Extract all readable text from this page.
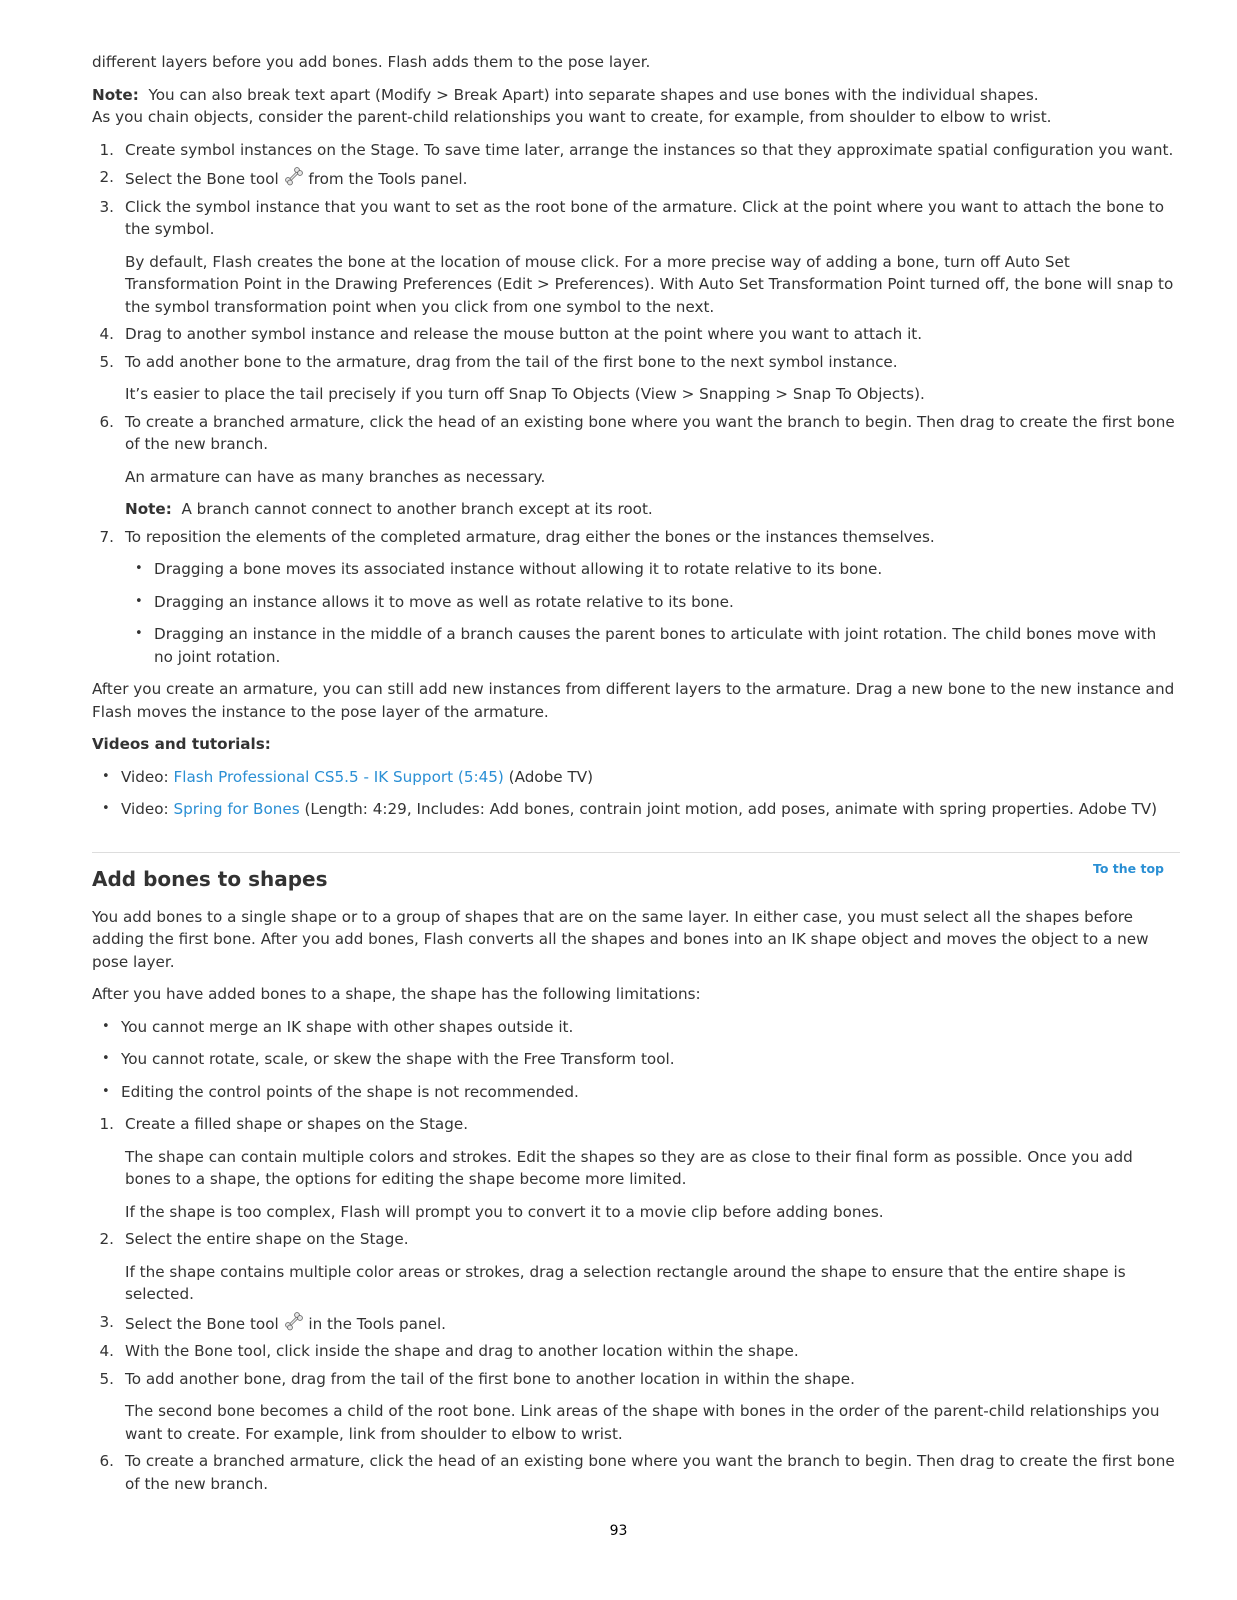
different layers before you add bones. Flash adds them to the pose layer.

Note: You can also break text apart (Modify > Break Apart) into separate shapes and use bones with the individual shapes.

As you chain objects, consider the parent-child relationships you want to create, for example, from shoulder to elbow to wrist.

1. Create symbol instances on the Stage. To save time later, arrange the instances so that they approximate spatial configuration you want.
2. Select the Bone tool from the Tools panel.
3. Click the symbol instance that you want to set as the root bone of the armature. Click at the point where you want to attach the bone to the symbol.

By default, Flash creates the bone at the location of mouse click. For a more precise way of adding a bone, turn off Auto Set Transformation Point in the Drawing Preferences (Edit > Preferences). With Auto Set Transformation Point turned off, the bone will snap to the symbol transformation point when you click from one symbol to the next.

4. Drag to another symbol instance and release the mouse button at the point where you want to attach it.
5. To add another bone to the armature, drag from the tail of the first bone to the next symbol instance.

It’s easier to place the tail precisely if you turn off Snap To Objects (View > Snapping > Snap To Objects).

6. To create a branched armature, click the head of an existing bone where you want the branch to begin. Then drag to create the first bone of the new branch.

An armature can have as many branches as necessary.

Note: A branch cannot connect to another branch except at its root.

7. To reposition the elements of the completed armature, drag either the bones or the instances themselves.
• Dragging a bone moves its associated instance without allowing it to rotate relative to its bone.
• Dragging an instance allows it to move as well as rotate relative to its bone.
• Dragging an instance in the middle of a branch causes the parent bones to articulate with joint rotation. The child bones move with no joint rotation.

After you create an armature, you can still add new instances from different layers to the armature. Drag a new bone to the new instance and Flash moves the instance to the pose layer of the armature.

Videos and tutorials:

• Video: Flash Professional CS5.5 - IK Support (5:45) (Adobe TV)
• Video: Spring for Bones (Length: 4:29, Includes: Add bones, contrain joint motion, add poses, animate with spring properties. Adobe TV)
Add bones to shapes	To the top

You add bones to a single shape or to a group of shapes that are on the same layer. In either case, you must select all the shapes before adding the first bone. After you add bones, Flash converts all the shapes and bones into an IK shape object and moves the object to a new pose layer.

After you have added bones to a shape, the shape has the following limitations:

• You cannot merge an IK shape with other shapes outside it.
• You cannot rotate, scale, or skew the shape with the Free Transform tool.
• Editing the control points of the shape is not recommended.
1. Create a filled shape or shapes on the Stage.

The shape can contain multiple colors and strokes. Edit the shapes so they are as close to their final form as possible. Once you add bones to a shape, the options for editing the shape become more limited.

If the shape is too complex, Flash will prompt you to convert it to a movie clip before adding bones.

2. Select the entire shape on the Stage.

If the shape contains multiple color areas or strokes, drag a selection rectangle around the shape to ensure that the entire shape is selected.

3. Select the Bone tool in the Tools panel.
4. With the Bone tool, click inside the shape and drag to another location within the shape.
5. To add another bone, drag from the tail of the first bone to another location in within the shape.

The second bone becomes a child of the root bone. Link areas of the shape with bones in the order of the parent-child relationships you want to create. For example, link from shoulder to elbow to wrist.

6. To create a branched armature, click the head of an existing bone where you want the branch to begin. Then drag to create the first bone of the new branch.
93
